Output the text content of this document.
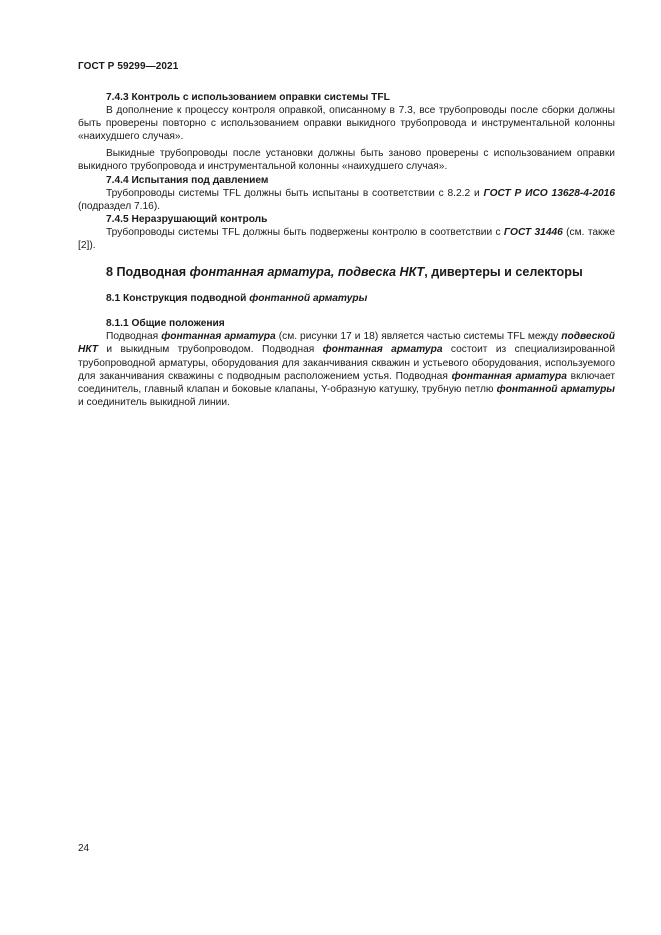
ГОСТ Р 59299—2021

7.4.3 Контроль с использованием оправки системы TFL

В дополнение к процессу контроля оправкой, описанному в 7.3, все трубопроводы после сборки должны быть проверены повторно с использованием оправки выкидного трубопровода и инструментальной колонны «наихудшего случая».

Выкидные трубопроводы после установки должны быть заново проверены с использованием оправки выкидного трубопровода и инструментальной колонны «наихудшего случая».

7.4.4 Испытания под давлением

Трубопроводы системы TFL должны быть испытаны в соответствии с 8.2.2 и ГОСТ Р ИСО 13628-4-2016 (подраздел 7.16).

7.4.5 Неразрушающий контроль

Трубопроводы системы TFL должны быть подвержены контролю в соответствии с ГОСТ 31446 (см. также [2]).

8 Подводная фонтанная арматура, подвеска НКТ, дивертеры и селекторы

8.1 Конструкция подводной фонтанной арматуры

8.1.1 Общие положения

Подводная фонтанная арматура (см. рисунки 17 и 18) является частью системы TFL между подвеской НКТ и выкидным трубопроводом. Подводная фонтанная арматура состоит из специализированной трубопроводной арматуры, оборудования для заканчивания скважин и устьевого оборудования, используемого для заканчивания скважины с подводным расположением устья. Подводная фонтанная арматура включает соединитель, главный клапан и боковые клапаны, Y-образную катушку, трубную петлю фонтанной арматуры и соединитель выкидной линии.

24
